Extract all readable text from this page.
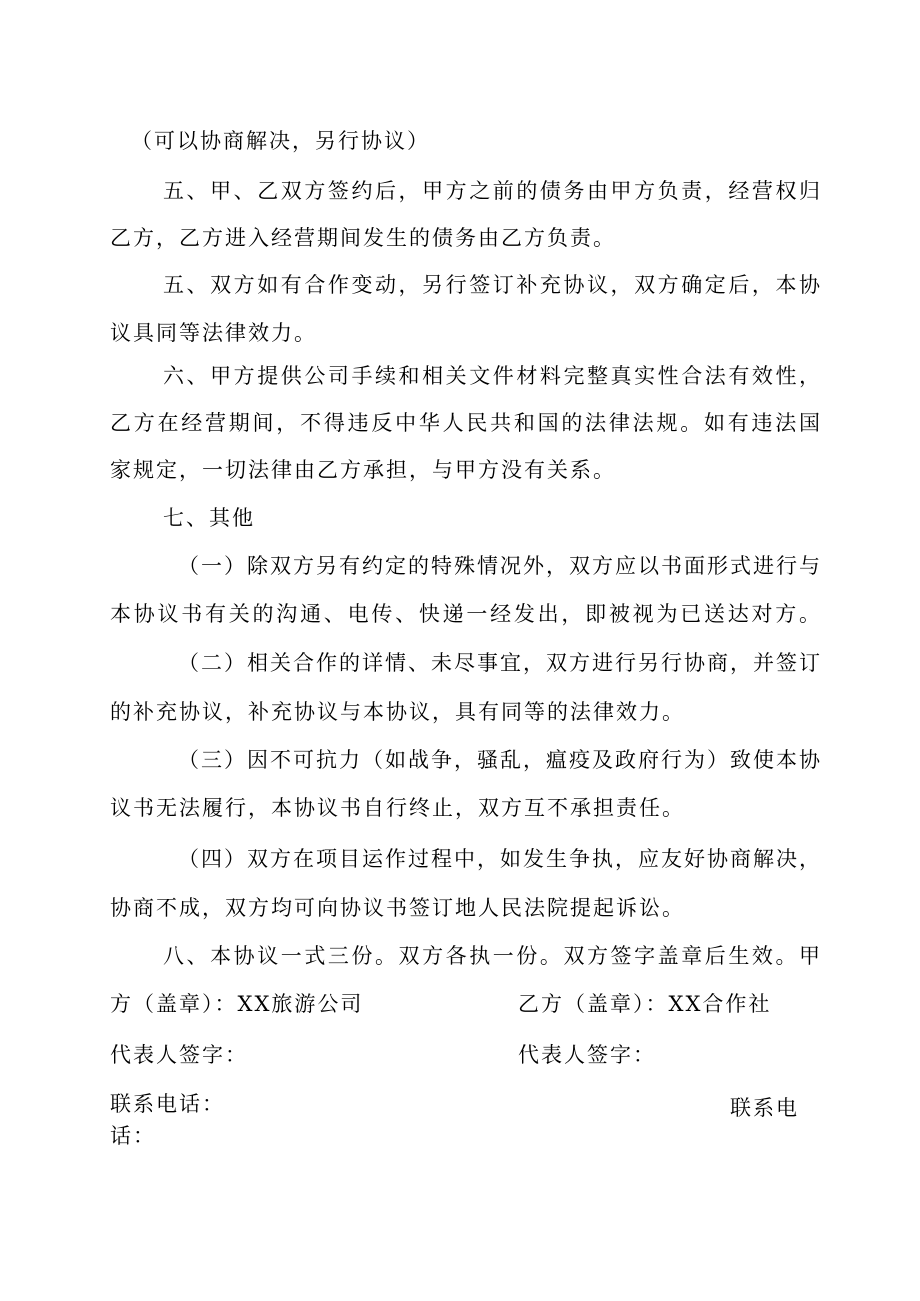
（可以协商解决，另行协议）
五、甲、乙双方签约后，甲方之前的债务由甲方负责，经营权归
乙方，乙方进入经营期间发生的债务由乙方负责。
五、双方如有合作变动，另行签订补充协议，双方确定后，本协
议具同等法律效力。
六、甲方提供公司手续和相关文件材料完整真实性合法有效性，
乙方在经营期间，不得违反中华人民共和国的法律法规。如有违法国
家规定，一切法律由乙方承担，与甲方没有关系。
七、其他
（一）除双方另有约定的特殊情况外，双方应以书面形式进行与
本协议书有关的沟通、电传、快递一经发出，即被视为已送达对方。
（二）相关合作的详情、未尽事宜，双方进行另行协商，并签订
的补充协议，补充协议与本协议，具有同等的法律效力。
（三）因不可抗力（如战争，骚乱，瘟疫及政府行为）致使本协
议书无法履行，本协议书自行终止，双方互不承担责任。
（四）双方在项目运作过程中，如发生争执，应友好协商解决，
协商不成，双方均可向协议书签订地人民法院提起诉讼。
八、本协议一式三份。双方各执一份。双方签字盖章后生效。甲
方（盖章）：XX旅游公司	乙方（盖章）：XX合作社
代表人签字：	代表人签字：
联系电话：	联系电
话：
